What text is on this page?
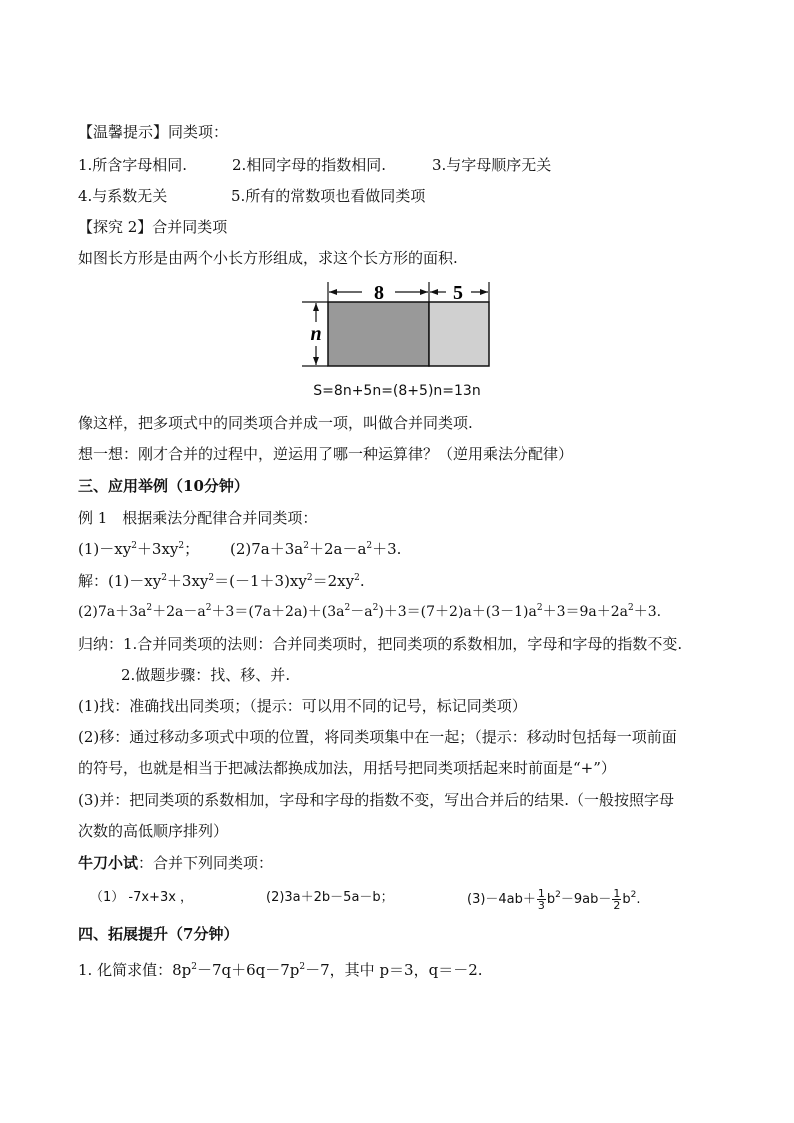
【温馨提示】同类项：
1.所含字母相同.	2.相同字母的指数相同.	3.与字母顺序无关
4.与系数无关	5.所有的常数项也看做同类项
【探究 2】合并同类项
如图长方形是由两个小长方形组成，求这个长方形的面积.
8	5
n
S=8n+5n=(8+5)n=13n
像这样，把多项式中的同类项合并成一项，叫做合并同类项.
想一想：刚才合并的过程中，逆运用了哪一种运算律？（逆用乘法分配律）
三、应用举例（10分钟）
例 1　根据乘法分配律合并同类项：
$(1)-xy^2+3xy^2$； $(2)7a+3a^2+2a-a^2+3$.
解：$(1)-xy^2+3xy^2=(-1+3)xy^2=2xy^2$.
$(2)7a+3a^2+2a-a^2+3=(7a+2a)+(3a^2-a^2)+3=(7+2)a+(3-1)a^2+3=9a+2a^2+3$.
归纳：1.合并同类项的法则：合并同类项时，把同类项的系数相加，字母和字母的指数不变.
2.做题步骤：找、移、并.
(1)找：准确找出同类项；（提示：可以用不同的记号，标记同类项）
(2)移：通过移动多项式中项的位置，将同类项集中在一起；（提示：移动时包括每一项前面
的符号，也就是相当于把减法都换成加法，用括号把同类项括起来时前面是“+”）
(3)并：把同类项的系数相加，字母和字母的指数不变，写出合并后的结果.（一般按照字母
次数的高低顺序排列）
牛刀小试：合并下列同类项：
（1） -7x+3x ，	(2)3a＋2b－5a－b；	$(3)-4ab+ \frac{1}{3} b^2-9ab- \frac{1}{2} b^2$.
四、拓展提升（7分钟）
1. 化简求值：$8p^2-7q+6q-7p^2-7$，其中 p＝3，q＝－2.
